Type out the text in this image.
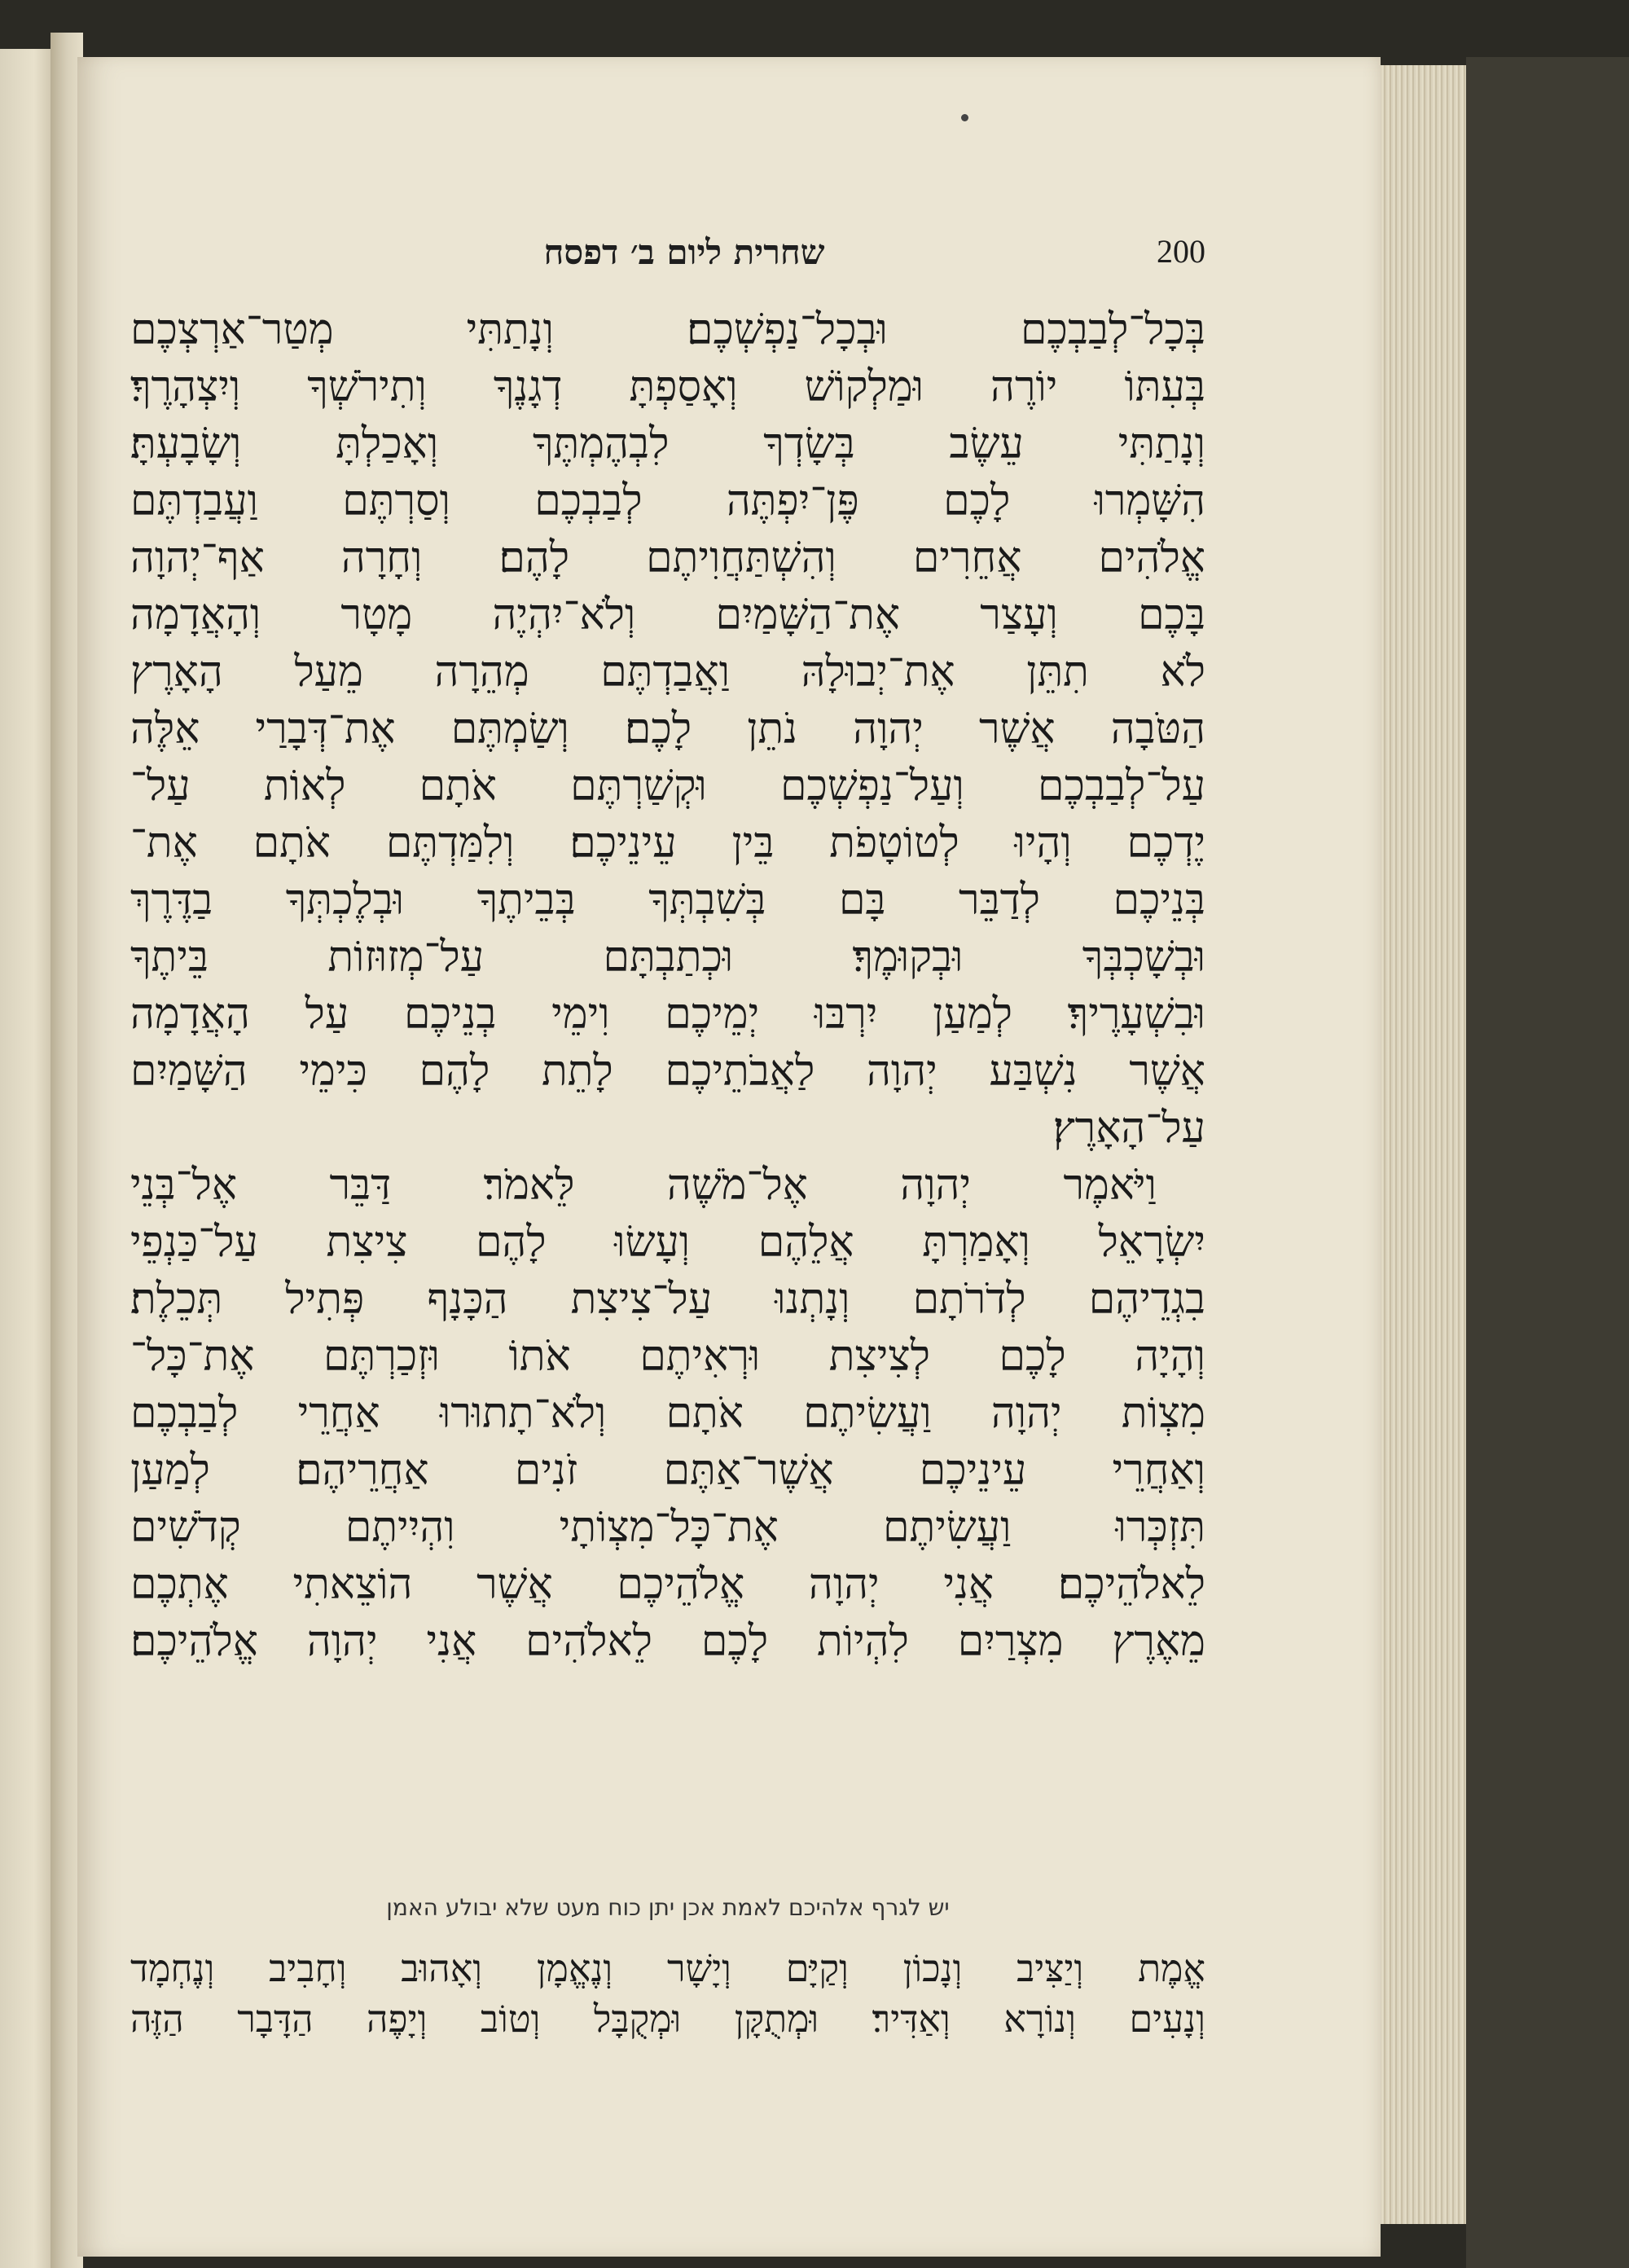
200
שחרית ליום ב׳ דפסח
בְּכָל־לְבַבְכֶם וּבְכָל־נַפְשְׁכֶם׃ וְנָתַתִּי מְטַר־אַרְצְכֶם
בְּעִתּוֹ יוֹרֶה וּמַלְקוֹשׁ וְאָסַפְתָּ דְגָנֶךָ וְתִירֹשְׁךָ וְיִצְהָרֶךָ׃
וְנָתַתִּי עֵשֶׂב בְּשָׂדְךָ לִבְהֶמְתֶּךָ וְאָכַלְתָּ וְשָׂבָעְתָּ׃
הִשָּׁמְרוּ לָכֶם פֶּן־יִפְתֶּה לְבַבְכֶם וְסַרְתֶּם וַעֲבַדְתֶּם
אֱלֹהִים אֲחֵרִים וְהִשְׁתַּחֲוִיתֶם לָהֶם׃ וְחָרָה אַף־יְהוָה
בָּכֶם וְעָצַר אֶת־הַשָּׁמַיִם וְלֹא־יִהְיֶה מָטָר וְהָאֲדָמָה
לֹא תִתֵּן אֶת־יְבוּלָהּ וַאֲבַדְתֶּם מְהֵרָה מֵעַל הָאָרֶץ
הַטֹּבָה אֲשֶׁר יְהוָה נֹתֵן לָכֶם׃ וְשַׂמְתֶּם אֶת־דְּבָרַי אֵלֶּה
עַל־לְבַבְכֶם וְעַל־נַפְשְׁכֶם וּקְשַׁרְתֶּם אֹתָם לְאוֹת עַל־
יֶדְכֶם וְהָיוּ לְטוֹטָפֹת בֵּין עֵינֵיכֶם׃ וְלִמַּדְתֶּם אֹתָם אֶת־
בְּנֵיכֶם לְדַבֵּר בָּם בְּשִׁבְתְּךָ בְּבֵיתֶךָ וּבְלֶכְתְּךָ בַדֶּרֶךְ
וּבְשָׁכְבְּךָ וּבְקוּמֶךָ׃ וּכְתַבְתָּם עַל־מְזוּזוֹת בֵּיתֶךָ
וּבִשְׁעָרֶיךָ׃ לְמַעַן יִרְבּוּ יְמֵיכֶם וִימֵי בְנֵיכֶם עַל הָאֲדָמָה
אֲשֶׁר נִשְׁבַּע יְהוָה לַאֲבֹתֵיכֶם לָתֵת לָהֶם כִּימֵי הַשָּׁמַיִם
עַל־הָאָרֶץ׃
וַיֹּאמֶר יְהוָה אֶל־מֹשֶׁה לֵּאמֹר׃ דַּבֵּר אֶל־בְּנֵי
יִשְׂרָאֵל וְאָמַרְתָּ אֲלֵהֶם וְעָשׂוּ לָהֶם צִיצִת עַל־כַּנְפֵי
בִגְדֵיהֶם לְדֹרֹתָם וְנָתְנוּ עַל־צִיצִת הַכָּנָף פְּתִיל תְּכֵלֶת׃
וְהָיָה לָכֶם לְצִיצִת וּרְאִיתֶם אֹתוֹ וּזְכַרְתֶּם אֶת־כָּל־
מִצְוֹת יְהוָה וַעֲשִׂיתֶם אֹתָם וְלֹא־תָתוּרוּ אַחֲרֵי לְבַבְכֶם
וְאַחֲרֵי עֵינֵיכֶם אֲשֶׁר־אַתֶּם זֹנִים אַחֲרֵיהֶם׃ לְמַעַן
תִּזְכְּרוּ וַעֲשִׂיתֶם אֶת־כָּל־מִצְוֹתָי וִהְיִיתֶם קְדֹשִׁים
לֵאלֹהֵיכֶם׃ אֲנִי יְהוָה אֱלֹהֵיכֶם אֲשֶׁר הוֹצֵאתִי אֶתְכֶם
מֵאֶרֶץ מִצְרַיִם לִהְיוֹת לָכֶם לֵאלֹהִים אֲנִי יְהוָה אֱלֹהֵיכֶם׃
יש לגרף אלהיכם לאמת אכן יתן כוח מעט שלא יבולע האמן
אֱמֶת וְיַצִּיב וְנָכוֹן וְקַיָּם וְיָשָׁר וְנֶאֱמָן וְאָהוּב וְחָבִיב וְנֶחְמָד
וְנָעִים וְנוֹרָא וְאַדִּיר׃ וּמְתֻקָּן וּמְקֻבָּל וְטוֹב וְיָפֶה הַדָּבָר הַזֶּה
